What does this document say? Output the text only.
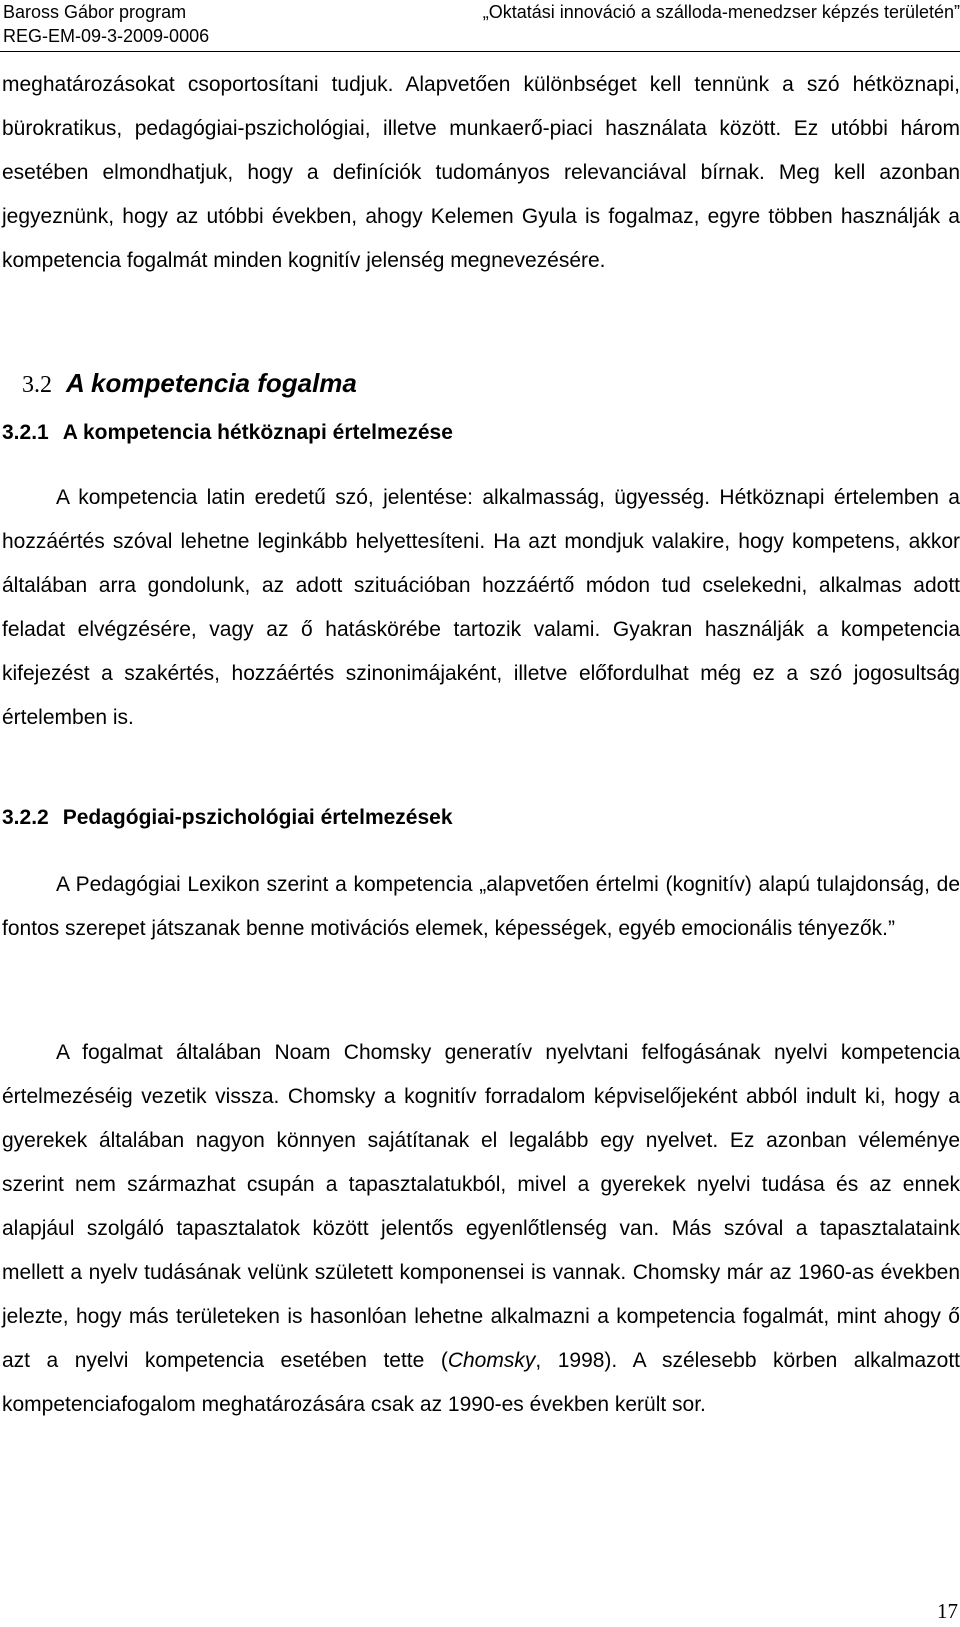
Baross Gábor program
REG-EM-09-3-2009-0006
„Oktatási innováció a szálloda-menedzser képzés területén”

meghatározásokat csoportosítani tudjuk. Alapvetően különbséget kell tennünk a szó hétköznapi, bürokratikus, pedagógiai-pszichológiai, illetve munkaerő-piaci használata között. Ez utóbbi három esetében elmondhatjuk, hogy a definíciók tudományos relevanciával bírnak. Meg kell azonban jegyeznünk, hogy az utóbbi években, ahogy Kelemen Gyula is fogalmaz, egyre többen használják a kompetencia fogalmát minden kognitív jelenség megnevezésére.

3.2 A kompetencia fogalma
3.2.1 A kompetencia hétköznapi értelmezése

A kompetencia latin eredetű szó, jelentése: alkalmasság, ügyesség. Hétköznapi értelemben a hozzáértés szóval lehetne leginkább helyettesíteni. Ha azt mondjuk valakire, hogy kompetens, akkor általában arra gondolunk, az adott szituációban hozzáértő módon tud cselekedni, alkalmas adott feladat elvégzésére, vagy az ő hatáskörébe tartozik valami. Gyakran használják a kompetencia kifejezést a szakértés, hozzáértés szinonimájaként, illetve előfordulhat még ez a szó jogosultság értelemben is.

3.2.2 Pedagógiai-pszichológiai értelmezések

A Pedagógiai Lexikon szerint a kompetencia „alapvetően értelmi (kognitív) alapú tulajdonság, de fontos szerepet játszanak benne motivációs elemek, képességek, egyéb emocionális tényezők.”

A fogalmat általában Noam Chomsky generatív nyelvtani felfogásának nyelvi kompetencia értelmezéséig vezetik vissza. Chomsky a kognitív forradalom képviselőjeként abból indult ki, hogy a gyerekek általában nagyon könnyen sajátítanak el legalább egy nyelvet. Ez azonban véleménye szerint nem származhat csupán a tapasztalatukból, mivel a gyerekek nyelvi tudása és az ennek alapjául szolgáló tapasztalatok között jelentős egyenlőtlenség van. Más szóval a tapasztalataink mellett a nyelv tudásának velünk született komponensei is vannak. Chomsky már az 1960-as években jelezte, hogy más területeken is hasonlóan lehetne alkalmazni a kompetencia fogalmát, mint ahogy ő azt a nyelvi kompetencia esetében tette (Chomsky, 1998). A szélesebb körben alkalmazott kompetenciafogalom meghatározására csak az 1990-es években került sor.

17
